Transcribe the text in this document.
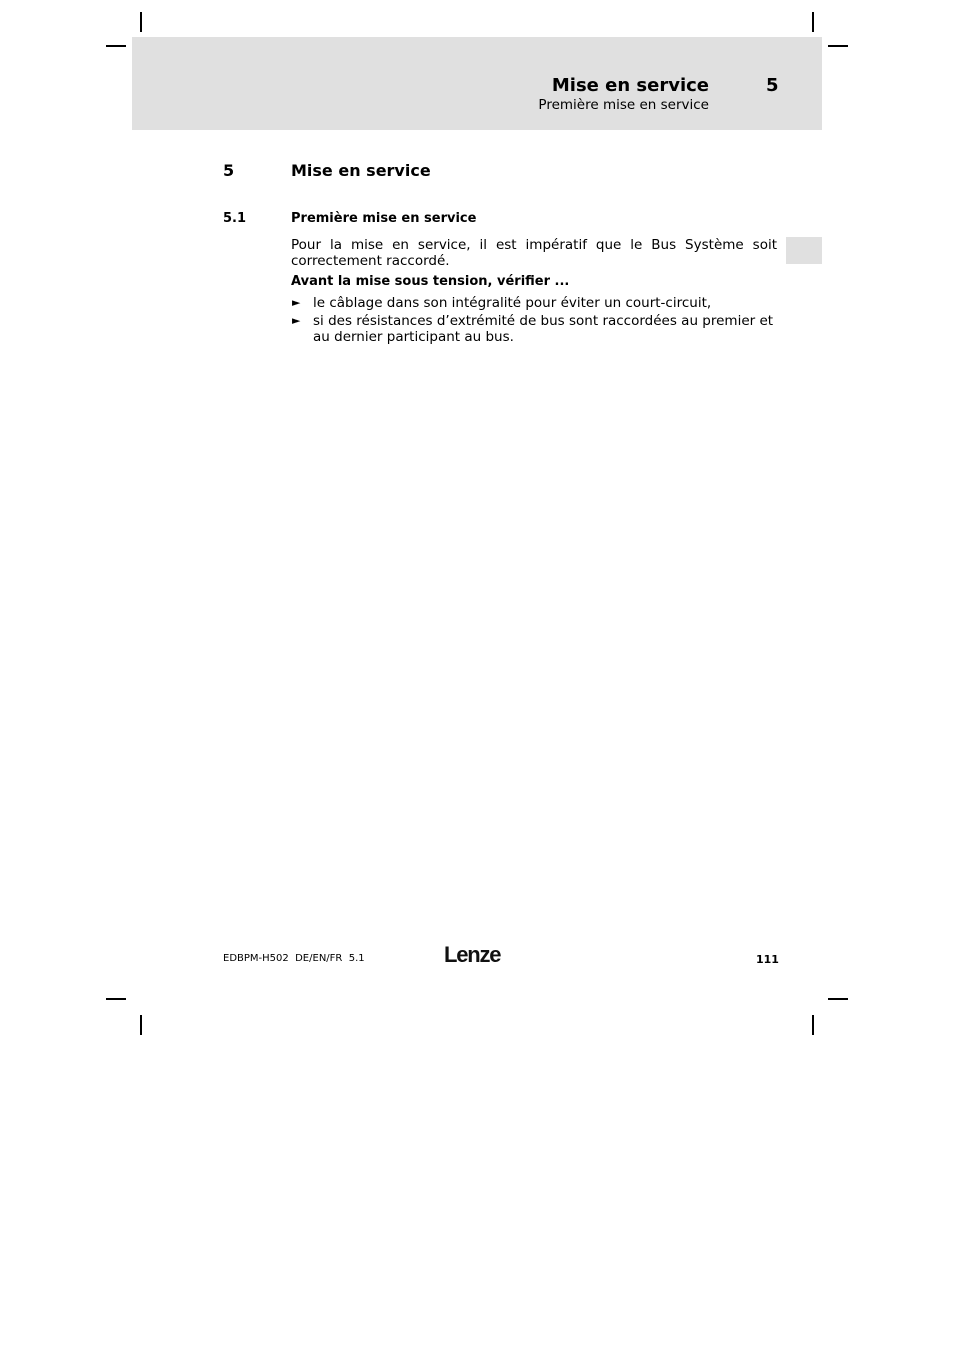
Mise en service	5
Première mise en service
5	Mise en service
5.1	Première mise en service
Pour la mise en service, il est impératif que le Bus Système soit correctement raccordé.
Avant la mise sous tension, vérifier ...
► le câblage dans son intégralité pour éviter un court-circuit,
► si des résistances d’extrémité de bus sont raccordées au premier et au dernier participant au bus.
EDBPM-H502  DE/EN/FR  5.1	Lenze	111
